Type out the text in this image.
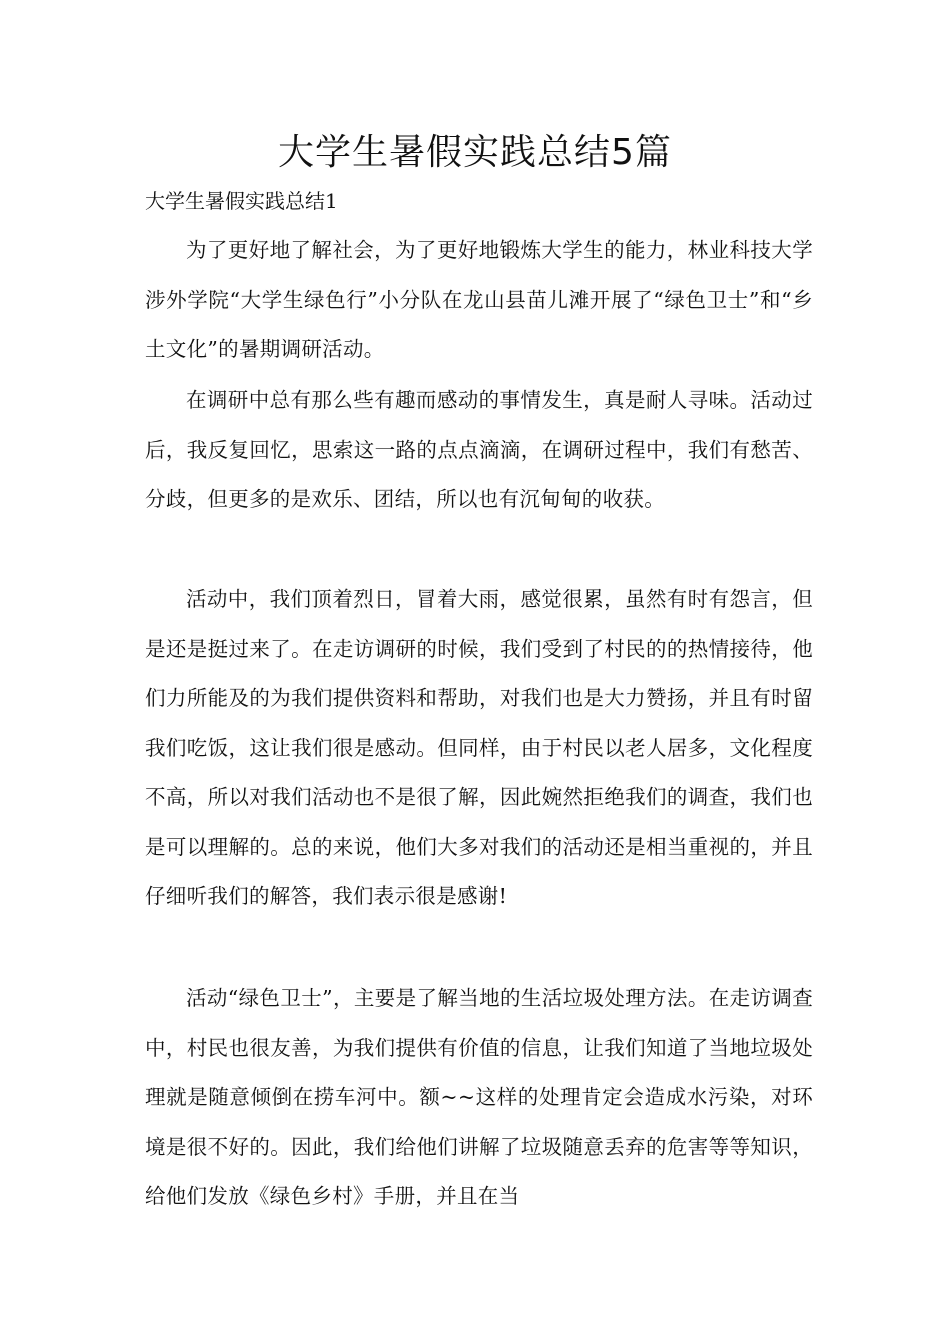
大学生暑假实践总结5篇
大学生暑假实践总结1

为了更好地了解社会，为了更好地锻炼大学生的能力，林业科技大学涉外学院“大学生绿色行”小分队在龙山县苗儿滩开展了“绿色卫士”和“乡土文化”的暑期调研活动。

在调研中总有那么些有趣而感动的事情发生，真是耐人寻味。活动过后，我反复回忆，思索这一路的点点滴滴，在调研过程中，我们有愁苦、分歧，但更多的是欢乐、团结，所以也有沉甸甸的收获。

活动中，我们顶着烈日，冒着大雨，感觉很累，虽然有时有怨言，但是还是挺过来了。在走访调研的时候，我们受到了村民的的热情接待，他们力所能及的为我们提供资料和帮助，对我们也是大力赞扬，并且有时留我们吃饭，这让我们很是感动。但同样，由于村民以老人居多，文化程度不高，所以对我们活动也不是很了解，因此婉然拒绝我们的调查，我们也是可以理解的。总的来说，他们大多对我们的活动还是相当重视的，并且仔细听我们的解答，我们表示很是感谢!

活动“绿色卫士”，主要是了解当地的生活垃圾处理方法。在走访调查中，村民也很友善，为我们提供有价值的信息，让我们知道了当地垃圾处理就是随意倾倒在捞车河中。额~~这样的处理肯定会造成水污染，对环境是很不好的。因此，我们给他们讲解了垃圾随意丢弃的危害等等知识，给他们发放《绿色乡村》手册，并且在当
